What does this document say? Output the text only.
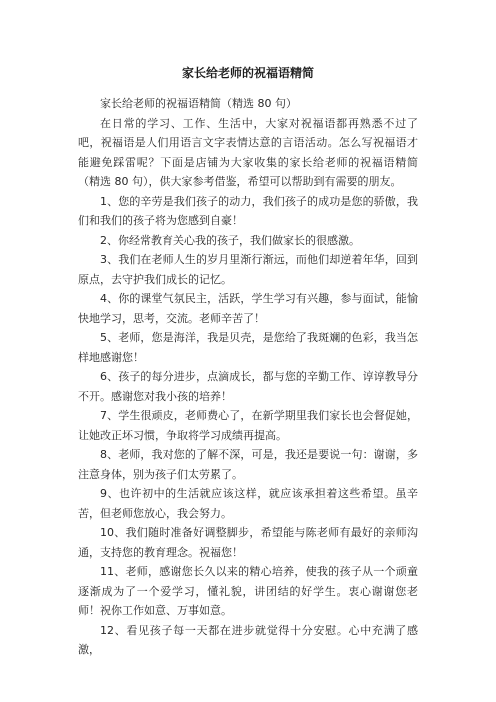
家长给老师的祝福语精简

家长给老师的祝福语精简（精选 80 句）

在日常的学习、工作、生活中，大家对祝福语都再熟悉不过了吧，祝福语是人们用语言文字表情达意的言语活动。怎么写祝福语才能避免踩雷呢？下面是店铺为大家收集的家长给老师的祝福语精简（精选 80 句），供大家参考借鉴，希望可以帮助到有需要的朋友。

1、您的辛劳是我们孩子的动力，我们孩子的成功是您的骄傲，我们和我们的孩子将为您感到自豪！

2、你经常教育关心我的孩子，我们做家长的很感激。

3、我们在老师人生的岁月里渐行渐远，而他们却逆着年华，回到原点，去守护我们成长的记忆。

4、你的课堂气氛民主，活跃，学生学习有兴趣，参与面试，能愉快地学习，思考，交流。老师辛苦了！

5、老师，您是海洋，我是贝壳，是您给了我斑斓的色彩，我当怎样地感谢您！

6、孩子的每分进步，点滴成长，都与您的辛勤工作、谆谆教导分不开。感谢您对我小孩的培养！

7、学生很顽皮，老师费心了，在新学期里我们家长也会督促她，让她改正坏习惯，争取将学习成绩再提高。

8、老师，我对您的了解不深，可是，我还是要说一句：谢谢，多注意身体，别为孩子们太劳累了。

9、也许初中的生活就应该这样，就应该承担着这些希望。虽辛苦，但老师您放心，我会努力。

10、我们随时准备好调整脚步，希望能与陈老师有最好的亲师沟通，支持您的教育理念。祝福您！

11、老师，感谢您长久以来的精心培养，使我的孩子从一个顽童逐渐成为了一个爱学习，懂礼貌，讲团结的好学生。衷心谢谢您老师！祝你工作如意、万事如意。

12、看见孩子每一天都在进步就觉得十分安慰。心中充满了感激，
